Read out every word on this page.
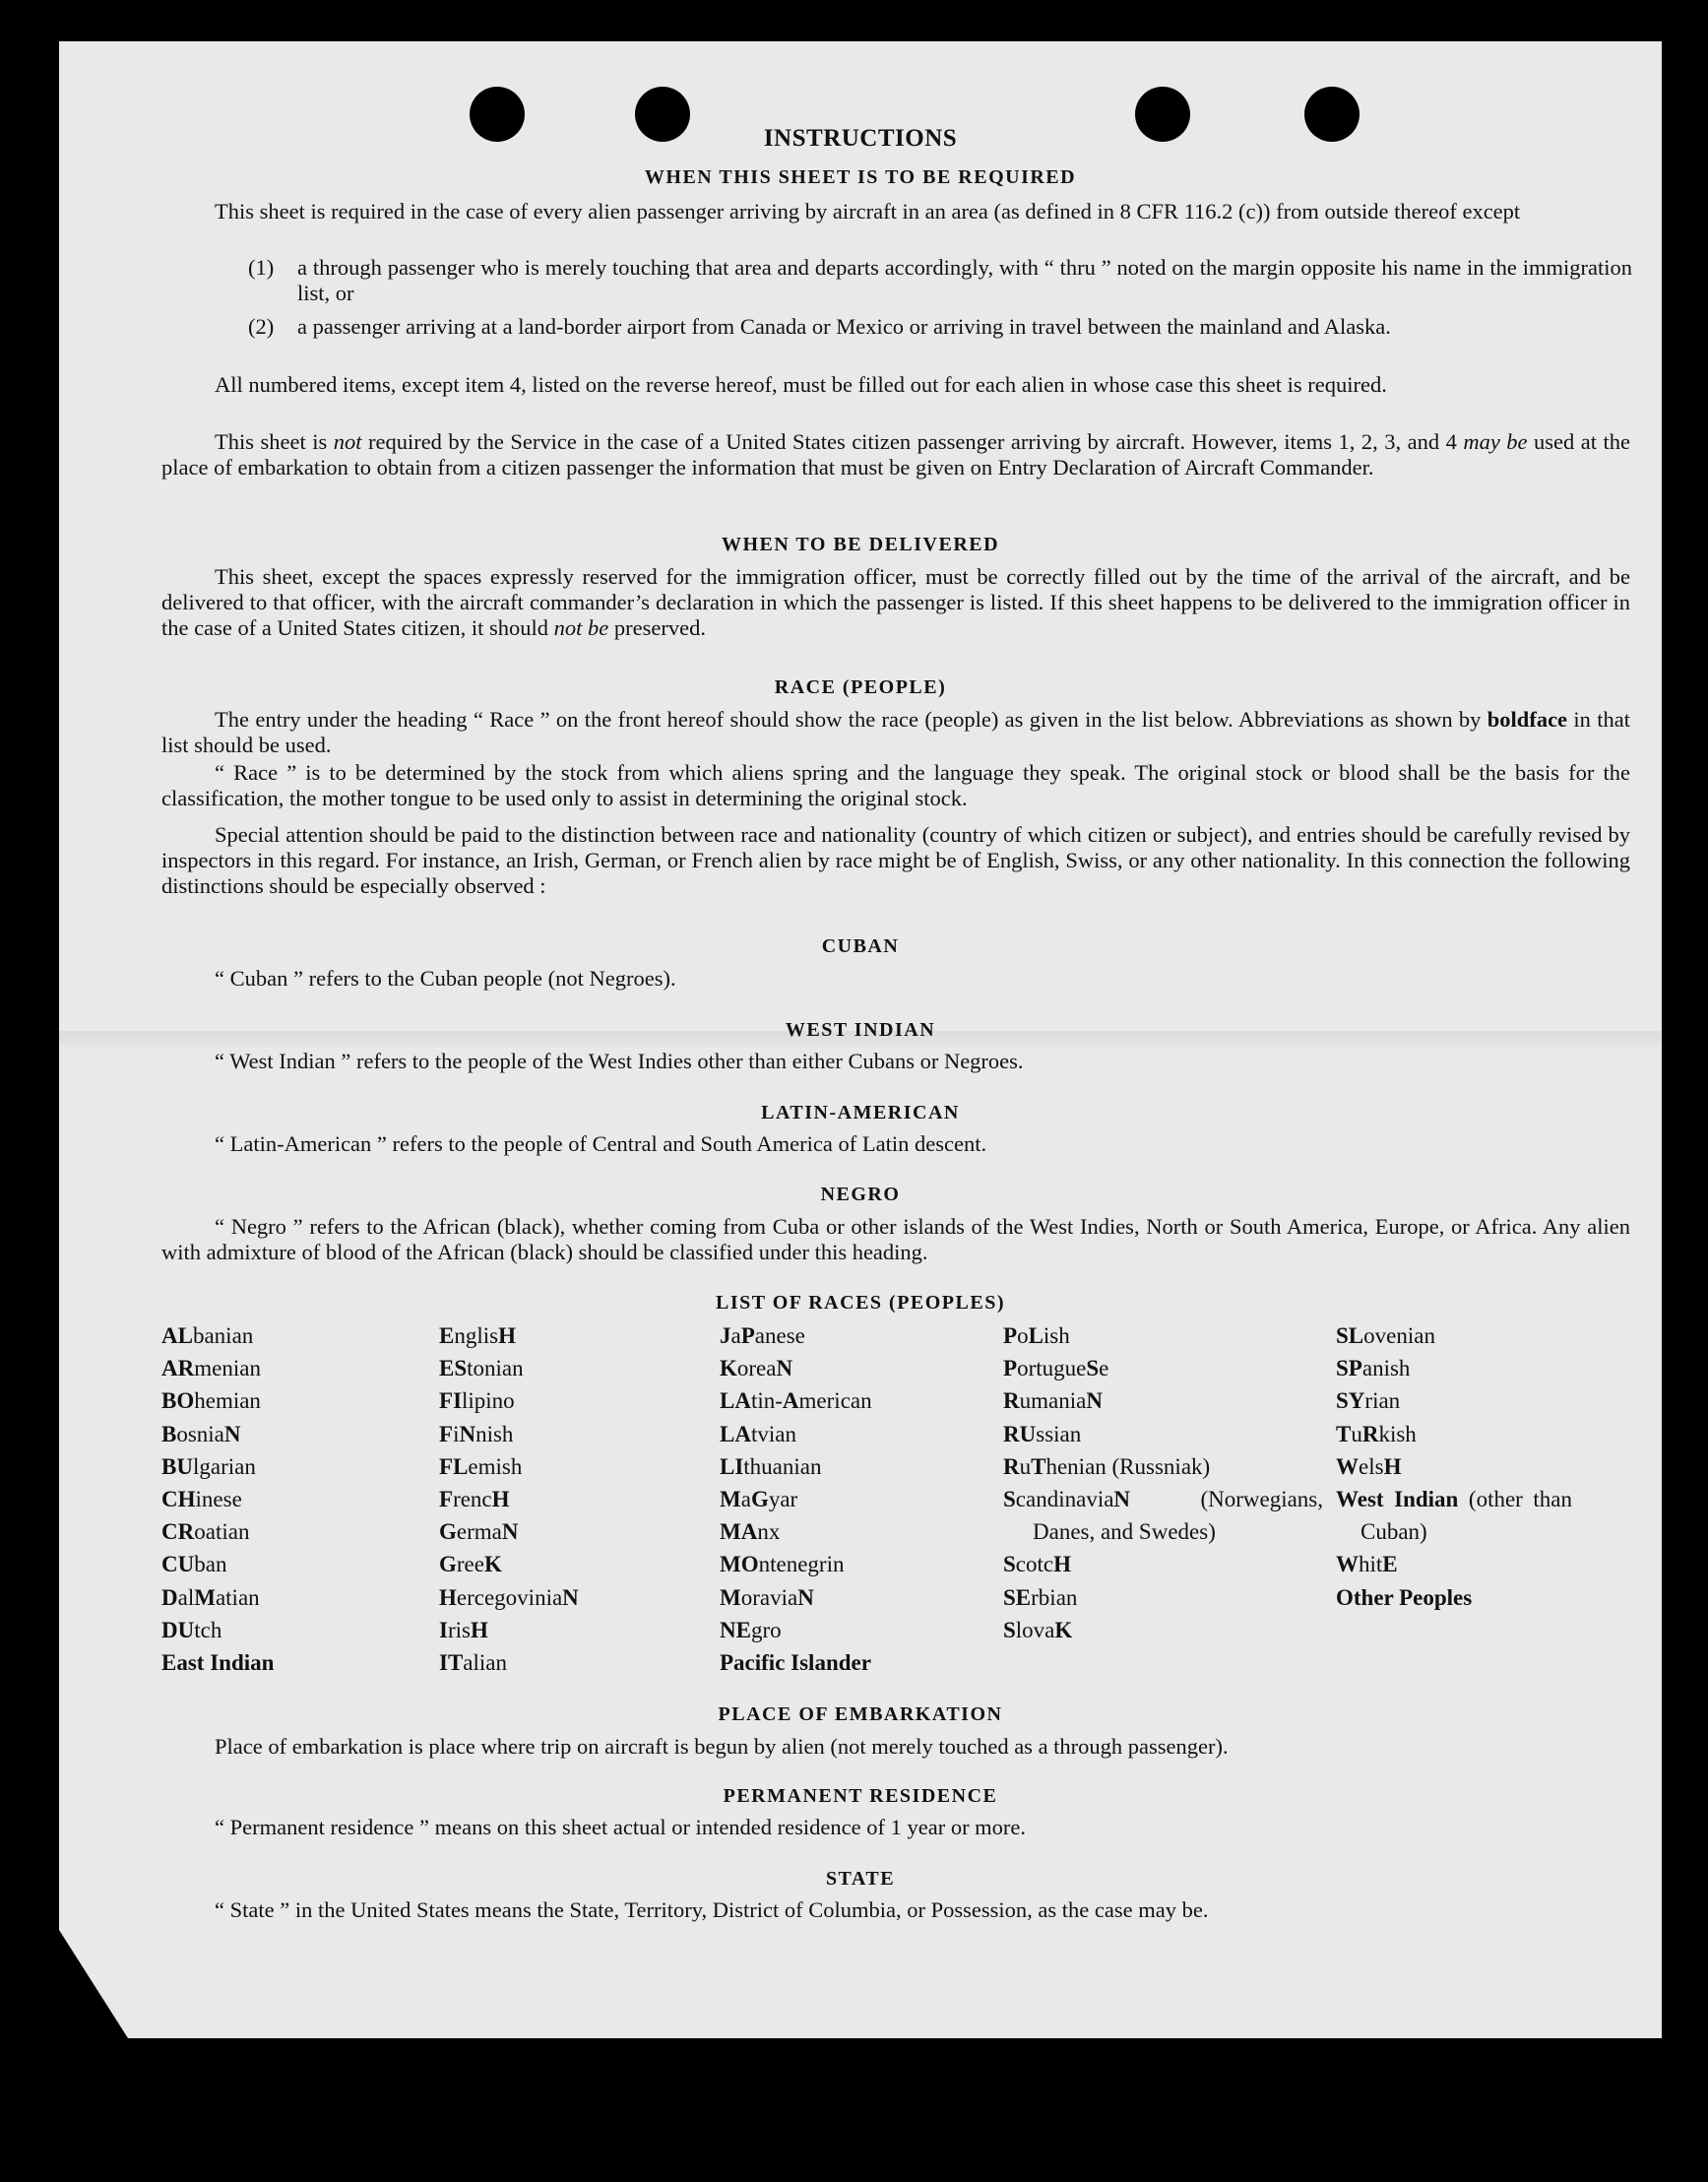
INSTRUCTIONS
WHEN THIS SHEET IS TO BE REQUIRED

This sheet is required in the case of every alien passenger arriving by aircraft in an area (as defined in 8 CFR 116.2 (c)) from outside thereof except

(1) a through passenger who is merely touching that area and departs accordingly, with “ thru ” noted on the margin opposite his name in the immigration list, or
(2) a passenger arriving at a land-border airport from Canada or Mexico or arriving in travel between the mainland and Alaska.

All numbered items, except item 4, listed on the reverse hereof, must be filled out for each alien in whose case this sheet is required.

This sheet is not required by the Service in the case of a United States citizen passenger arriving by aircraft. However, items 1, 2, 3, and 4 may be used at the place of embarkation to obtain from a citizen passenger the information that must be given on Entry Declaration of Aircraft Commander.

WHEN TO BE DELIVERED

This sheet, except the spaces expressly reserved for the immigration officer, must be correctly filled out by the time of the arrival of the aircraft, and be delivered to that officer, with the aircraft commander’s declaration in which the passenger is listed. If this sheet happens to be delivered to the immigration officer in the case of a United States citizen, it should not be preserved.

RACE (PEOPLE)

The entry under the heading “ Race ” on the front hereof should show the race (people) as given in the list below. Abbreviations as shown by boldface in that list should be used.

“ Race ” is to be determined by the stock from which aliens spring and the language they speak. The original stock or blood shall be the basis for the classification, the mother tongue to be used only to assist in determining the original stock.

Special attention should be paid to the distinction between race and nationality (country of which citizen or subject), and entries should be carefully revised by inspectors in this regard. For instance, an Irish, German, or French alien by race might be of English, Swiss, or any other nationality. In this connection the following distinctions should be especially observed :

CUBAN

“ Cuban ” refers to the Cuban people (not Negroes).

WEST INDIAN

“ West Indian ” refers to the people of the West Indies other than either Cubans or Negroes.

LATIN-AMERICAN

“ Latin-American ” refers to the people of Central and South America of Latin descent.

NEGRO

“ Negro ” refers to the African (black), whether coming from Cuba or other islands of the West Indies, North or South America, Europe, or Africa. Any alien with admixture of blood of the African (black) should be classified under this heading.

LIST OF RACES (PEOPLES)
ALbanian
ARmenian
BOhemian
BosniaN
BUlgarian
CHinese
CRoatian
CUban
DalMatian
DUtch
East Indian
EnglisH
EStonian
FIlipino
FiNnish
FLemish
FrencH
GermaN
GreeK
HercegoviniaN
IrisH
ITalian
JaPanese
KoreaN
LAtin-American
LAtvian
LIthuanian
MaGyar
MAnx
MOntenegrin
MoraviaN
NEgro
Pacific Islander
PoLish
PortugueSe
RumaniaN
RUssian
RuThenian (Russniak)
ScandinaviaN (Norwegians, Danes, and Swedes)
ScotcH
SErbian
SlovaK
SLovenian
SPanish
SYrian
TuRkish
WelsH
West Indian (other than Cuban)
WhitE
Other Peoples
PLACE OF EMBARKATION

Place of embarkation is place where trip on aircraft is begun by alien (not merely touched as a through passenger).

PERMANENT RESIDENCE

“ Permanent residence ” means on this sheet actual or intended residence of 1 year or more.

STATE

“ State ” in the United States means the State, Territory, District of Columbia, or Possession, as the case may be.
